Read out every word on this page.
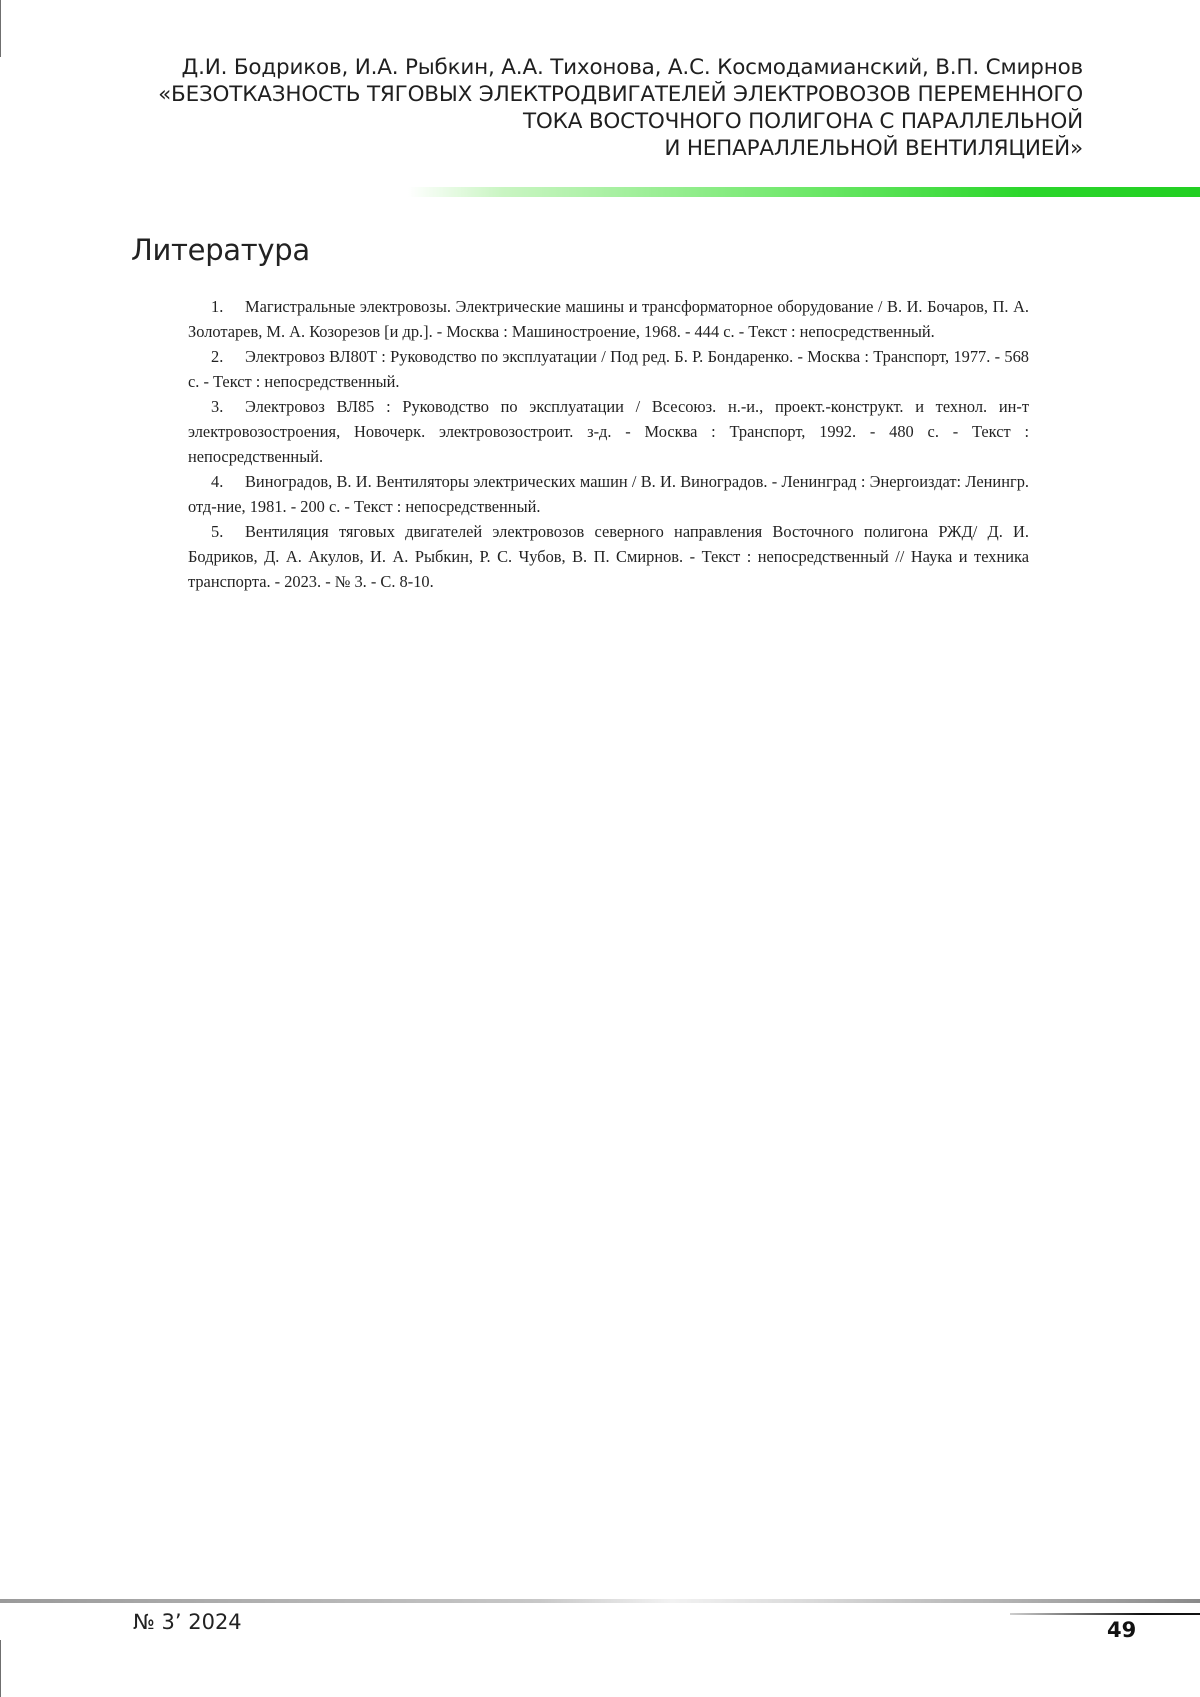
Д.И. Бодриков, И.А. Рыбкин, А.А. Тихонова, А.С. Космодамианский, В.П. Смирнов
«БЕЗОТКАЗНОСТЬ ТЯГОВЫХ ЭЛЕКТРОДВИГАТЕЛЕЙ ЭЛЕКТРОВОЗОВ ПЕРЕМЕННОГО
ТОКА ВОСТОЧНОГО ПОЛИГОНА С ПАРАЛЛЕЛЬНОЙ
И НЕПАРАЛЛЕЛЬНОЙ ВЕНТИЛЯЦИЕЙ»
Литература
1. Магистральные электровозы. Электрические машины и трансформаторное оборудование / В. И. Бочаров, П. А. Золотарев, М. А. Козорезов [и др.]. - Москва : Машиностроение, 1968. - 444 с. - Текст : непосредственный.
2. Электровоз ВЛ80Т : Руководство по эксплуатации / Под ред. Б. Р. Бондаренко. - Москва : Транспорт, 1977. - 568 с. - Текст : непосредственный.
3. Электровоз ВЛ85 : Руководство по эксплуатации / Всесоюз. н.-и., проект.-конструкт. и технол. ин-т электровозостроения, Новочерк. электровозостроит. з-д. - Москва : Транспорт, 1992. - 480 с. - Текст : непосредственный.
4. Виноградов, В. И. Вентиляторы электрических машин / В. И. Виноградов. - Ленинград : Энергоиздат: Ленингр. отд-ние, 1981. - 200 с. - Текст : непосредственный.
5. Вентиляция тяговых двигателей электровозов северного направления Восточного полигона РЖД/ Д. И. Бодриков, Д. А. Акулов, И. А. Рыбкин, Р. С. Чубов, В. П. Смирнов. - Текст : непосредственный // Наука и техника транспорта. - 2023. - № 3. - С. 8-10.
№ 3’ 2024	49
